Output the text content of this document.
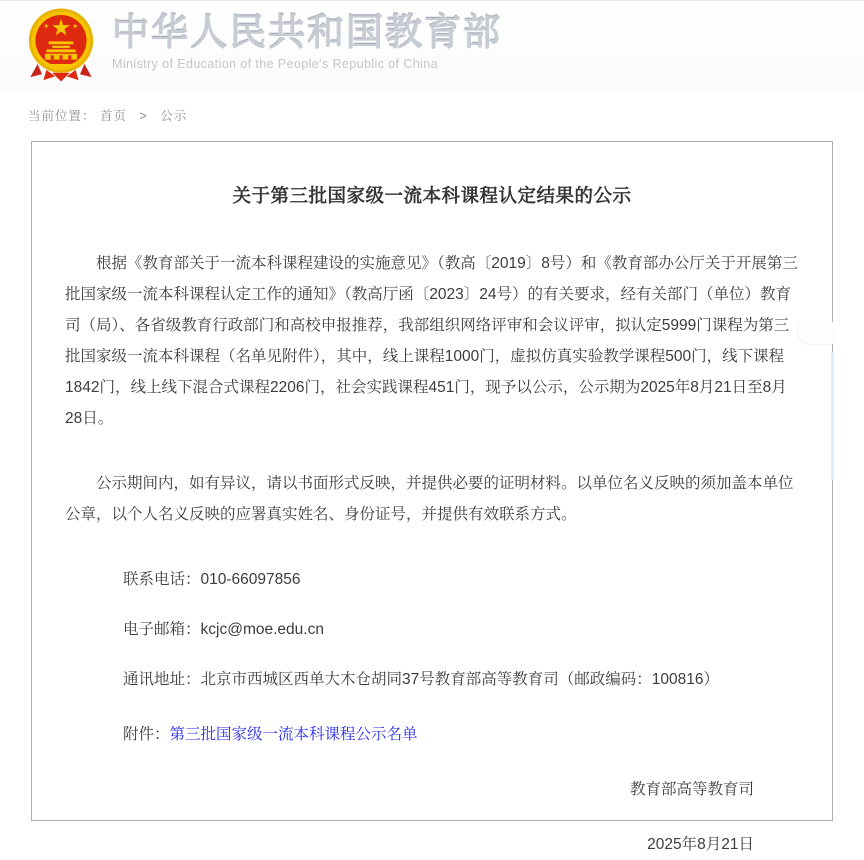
中华人民共和国教育部
Ministry of Education of the People's Republic of China
当前位置： 首页 > 公示
关于第三批国家级一流本科课程认定结果的公示

根据《教育部关于一流本科课程建设的实施意见》（教高〔2019〕8号）和《教育部办公厅关于开展第三批国家级一流本科课程认定工作的通知》（教高厅函〔2023〕24号）的有关要求，经有关部门（单位）教育司（局）、各省级教育行政部门和高校申报推荐，我部组织网络评审和会议评审，拟认定5999门课程为第三批国家级一流本科课程（名单见附件），其中，线上课程1000门，虚拟仿真实验教学课程500门，线下课程1842门，线上线下混合式课程2206门，社会实践课程451门，现予以公示，公示期为2025年8月21日至8月28日。

公示期间内，如有异议，请以书面形式反映，并提供必要的证明材料。以单位名义反映的须加盖本单位公章，以个人名义反映的应署真实姓名、身份证号，并提供有效联系方式。

联系电话：010-66097856

电子邮箱：kcjc@moe.edu.cn

通讯地址：北京市西城区西单大木仓胡同37号教育部高等教育司（邮政编码：100816）

附件：第三批国家级一流本科课程公示名单

教育部高等教育司

2025年8月21日
